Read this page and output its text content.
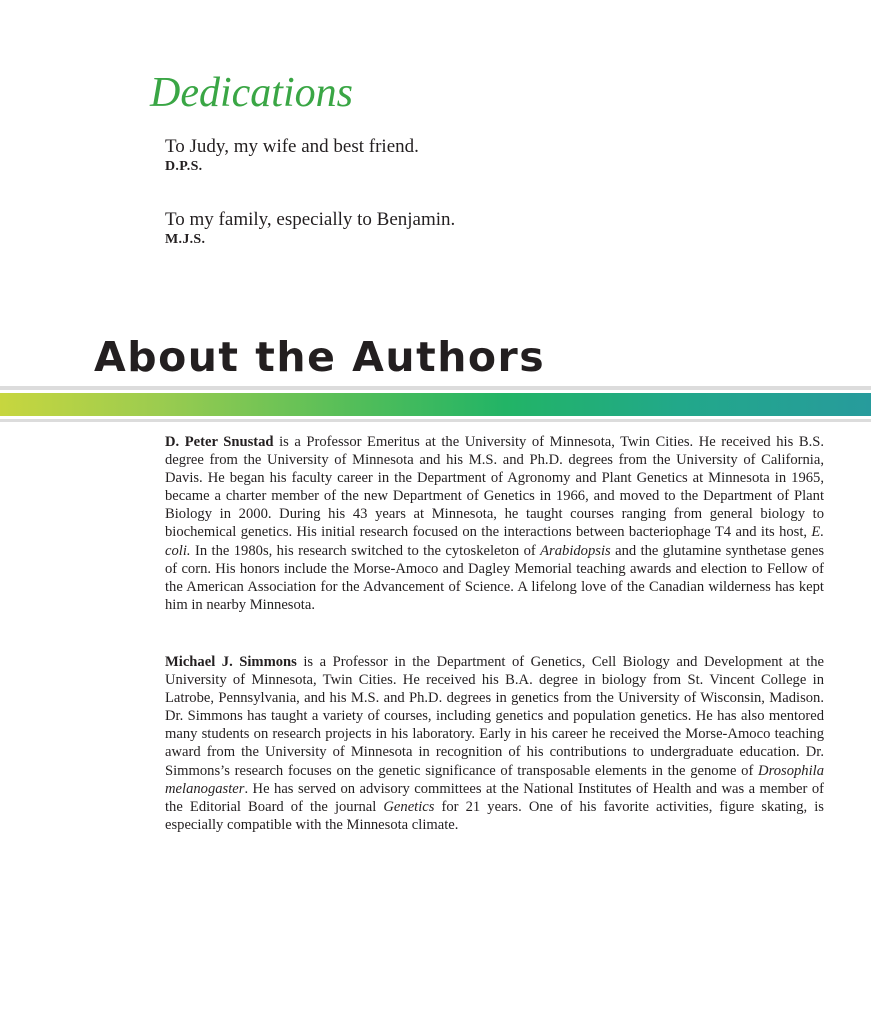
Dedications
To Judy, my wife and best friend.
D.P.S.
To my family, especially to Benjamin.
M.J.S.
About the Authors

D. Peter Snustad is a Professor Emeritus at the University of Minnesota, Twin Cities. He received his B.S. degree from the University of Minnesota and his M.S. and Ph.D. degrees from the University of California, Davis. He began his faculty career in the Department of Agronomy and Plant Genetics at Minnesota in 1965, became a charter member of the new Department of Genetics in 1966, and moved to the Department of Plant Biology in 2000. During his 43 years at Minnesota, he taught courses ranging from general biology to biochemical genetics. His initial research focused on the interactions between bacteriophage T4 and its host, E. coli. In the 1980s, his research switched to the cytoskeleton of Arabidopsis and the glutamine synthetase genes of corn. His honors include the Morse-Amoco and Dagley Memorial teaching awards and election to Fellow of the American Association for the Advancement of Science. A lifelong love of the Canadian wilderness has kept him in nearby Minnesota.

Michael J. Simmons is a Professor in the Department of Genetics, Cell Biology and Development at the University of Minnesota, Twin Cities. He received his B.A. degree in biology from St. Vincent College in Latrobe, Pennsylvania, and his M.S. and Ph.D. degrees in genetics from the University of Wisconsin, Madison. Dr. Simmons has taught a variety of courses, including genetics and population genetics. He has also mentored many students on research projects in his laboratory. Early in his career he received the Morse-Amoco teaching award from the University of Minnesota in recognition of his contributions to undergraduate education. Dr. Simmons’s research focuses on the genetic significance of transposable elements in the genome of Drosophila melanogaster. He has served on advisory committees at the National Institutes of Health and was a member of the Editorial Board of the journal Genetics for 21 years. One of his favorite activities, figure skating, is especially compatible with the Minnesota climate.
